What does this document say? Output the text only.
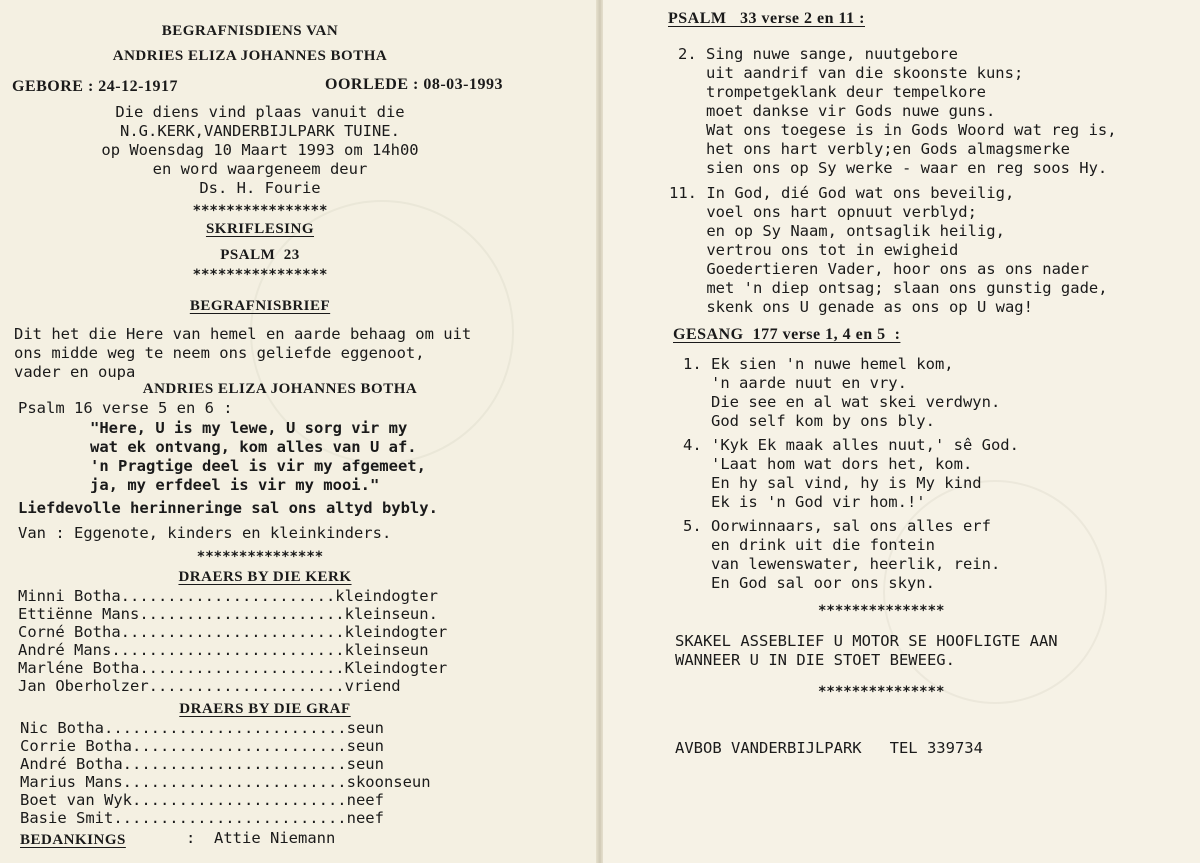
BEGRAFNISDIENS VAN
ANDRIES ELIZA JOHANNES BOTHA
GEBORE : 24-12-1917	OORLEDE : 08-03-1993
Die diens vind plaas vanuit die
N.G.KERK,VANDERBIJLPARK TUINE.
op Woensdag 10 Maart 1993 om 14h00
en word waargeneem deur
Ds. H. Fourie
****************
SKRIFLESING
PSALM  23
****************
BEGRAFNISBRIEF
Dit het die Here van hemel en aarde behaag om uit
ons midde weg te neem ons geliefde eggenoot,
vader en oupa
ANDRIES ELIZA JOHANNES BOTHA
Psalm 16 verse 5 en 6 :
"Here, U is my lewe, U sorg vir my
wat ek ontvang, kom alles van U af.
'n Pragtige deel is vir my afgemeet,
ja, my erfdeel is vir my mooi."
Liefdevolle herinneringe sal ons altyd bybly.
Van : Eggenote, kinders en kleinkinders.
***************
DRAERS BY DIE KERK
Minni Botha.......................kleindogter
Ettiënne Mans......................kleinseun.
Corné Botha........................kleindogter
André Mans.........................kleinseun
Marléne Botha......................Kleindogter
Jan Oberholzer.....................vriend
DRAERS BY DIE GRAF
Nic Botha..........................seun
Corrie Botha.......................seun
André Botha........................seun
Marius Mans........................skoonseun
Boet van Wyk.......................neef
Basie Smit.........................neef
BEDANKINGS	:  Attie Niemann
PSALM   33 verse 2 en 11 :
2. Sing nuwe sange, nuutgebore
uit aandrif van die skoonste kuns;
trompetgeklank deur tempelkore
moet dankse vir Gods nuwe guns.
Wat ons toegese is in Gods Woord wat reg is,
het ons hart verbly;en Gods almagsmerke
sien ons op Sy werke - waar en reg soos Hy.
11. In God, dié God wat ons beveilig,
voel ons hart opnuut verblyd;
en op Sy Naam, ontsaglik heilig,
vertrou ons tot in ewigheid
Goedertieren Vader, hoor ons as ons nader
met 'n diep ontsag; slaan ons gunstig gade,
skenk ons U genade as ons op U wag!
GESANG  177 verse 1, 4 en 5  :
1. Ek sien 'n nuwe hemel kom,
'n aarde nuut en vry.
Die see en al wat skei verdwyn.
God self kom by ons bly.
4. 'Kyk Ek maak alles nuut,' sê God.
'Laat hom wat dors het, kom.
En hy sal vind, hy is My kind
Ek is 'n God vir hom.!'
5. Oorwinnaars, sal ons alles erf
en drink uit die fontein
van lewenswater, heerlik, rein.
En God sal oor ons skyn.
***************
SKAKEL ASSEBLIEF U MOTOR SE HOOFLIGTE AAN
WANNEER U IN DIE STOET BEWEEG.
***************
AVBOB VANDERBIJLPARK   TEL 339734
